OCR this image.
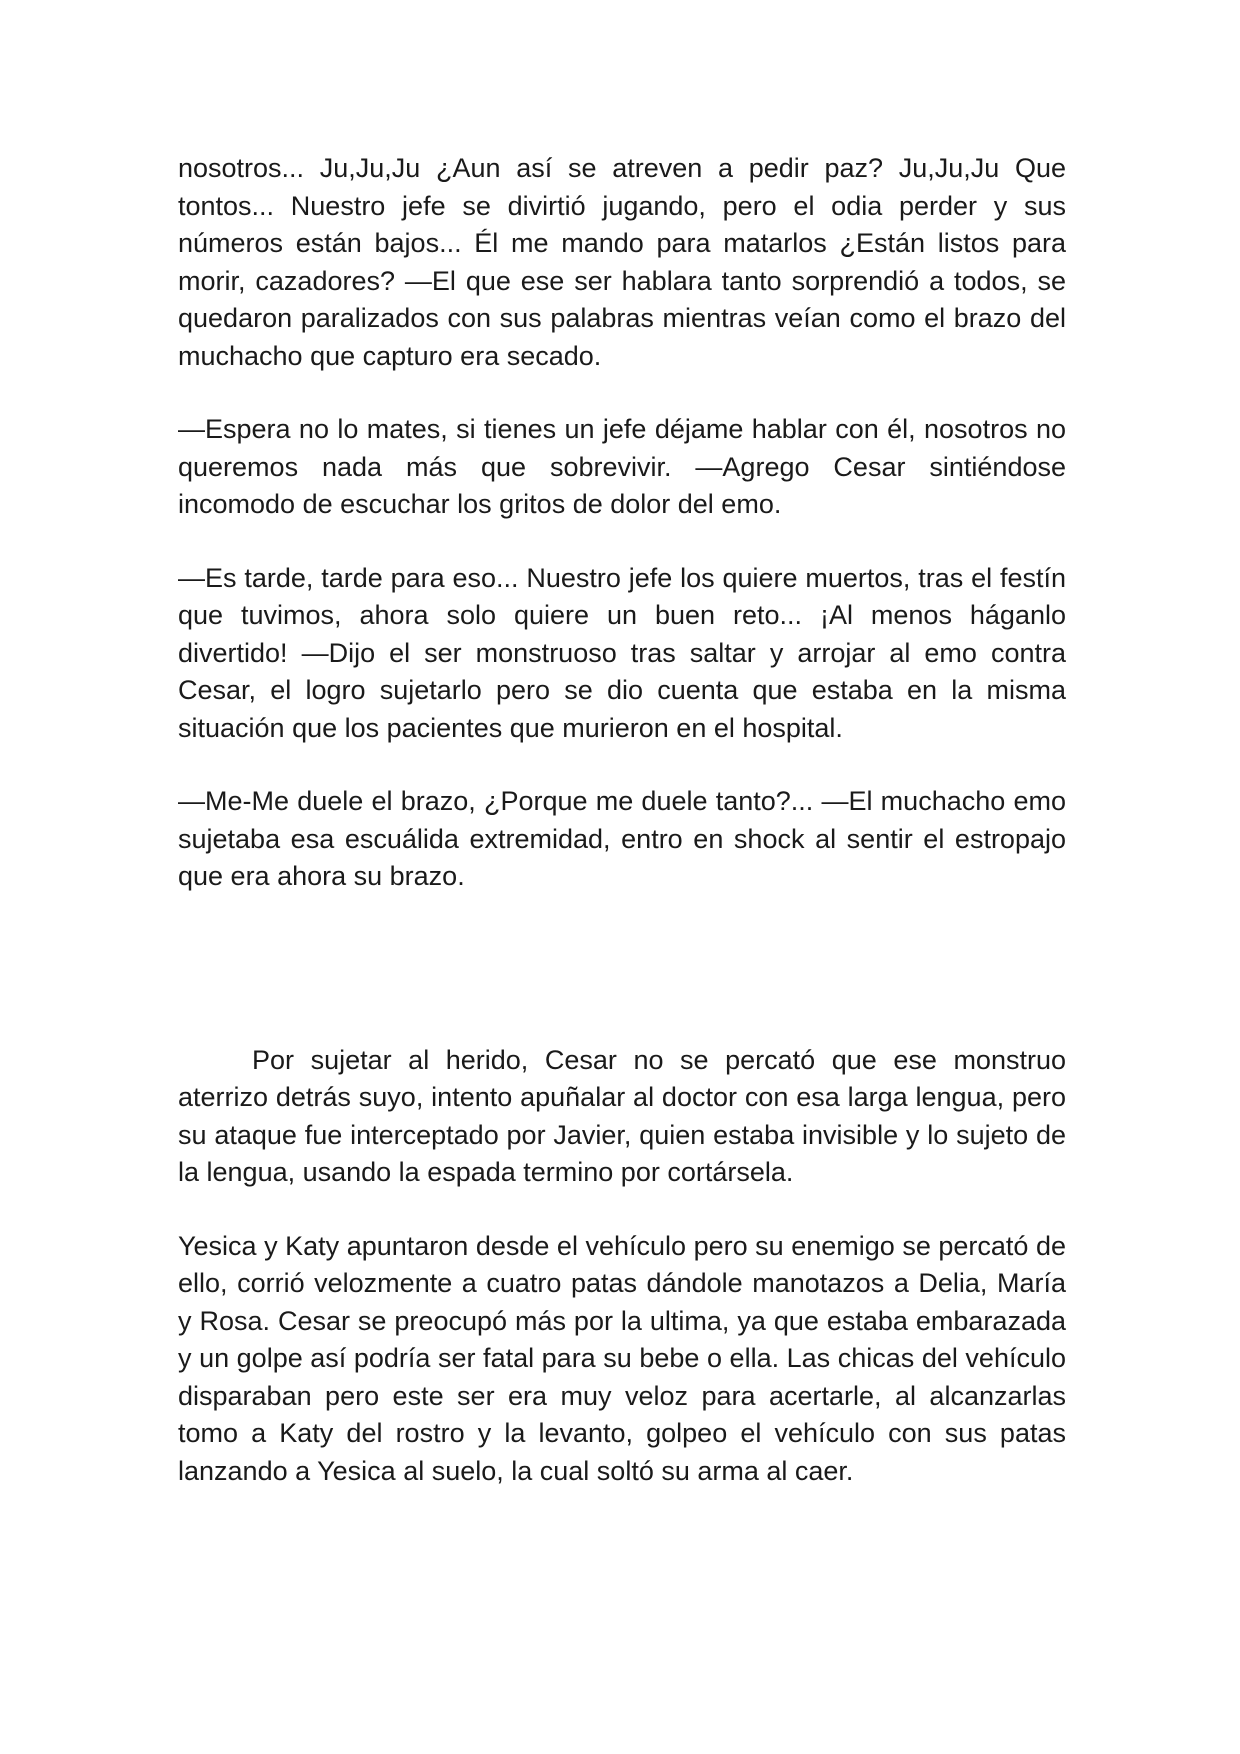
nosotros... Ju,Ju,Ju ¿Aun así se atreven a pedir paz? Ju,Ju,Ju Que tontos... Nuestro jefe se divirtió jugando, pero el odia perder y sus números están bajos... Él me mando para matarlos ¿Están listos para morir, cazadores? —El que ese ser hablara tanto sorprendió a todos, se quedaron paralizados con sus palabras mientras veían como el brazo del muchacho que capturo era secado.

—Espera no lo mates, si tienes un jefe déjame hablar con él, nosotros no queremos nada más que sobrevivir. —Agrego Cesar sintiéndose incomodo de escuchar los gritos de dolor del emo.

—Es tarde, tarde para eso... Nuestro jefe los quiere muertos, tras el festín que tuvimos, ahora solo quiere un buen reto... ¡Al menos háganlo divertido! —Dijo el ser monstruoso tras saltar y arrojar al emo contra Cesar, el logro sujetarlo pero se dio cuenta que estaba en la misma situación que los pacientes que murieron en el hospital.

—Me-Me duele el brazo, ¿Porque me duele tanto?... —El muchacho emo sujetaba esa escuálida extremidad, entro en shock al sentir el estropajo que era ahora su brazo.

Por sujetar al herido, Cesar no se percató que ese monstruo aterrizo detrás suyo, intento apuñalar al doctor con esa larga lengua, pero su ataque fue interceptado por Javier, quien estaba invisible y lo sujeto de la lengua, usando la espada termino por cortársela.

Yesica y Katy apuntaron desde el vehículo pero su enemigo se percató de ello, corrió velozmente a cuatro patas dándole manotazos a Delia, María y Rosa. Cesar se preocupó más por la ultima, ya que estaba embarazada y un golpe así podría ser fatal para su bebe o ella. Las chicas del vehículo disparaban pero este ser era muy veloz para acertarle, al alcanzarlas tomo a Katy del rostro y la levanto, golpeo el vehículo con sus patas lanzando a Yesica al suelo, la cual soltó su arma al caer.
